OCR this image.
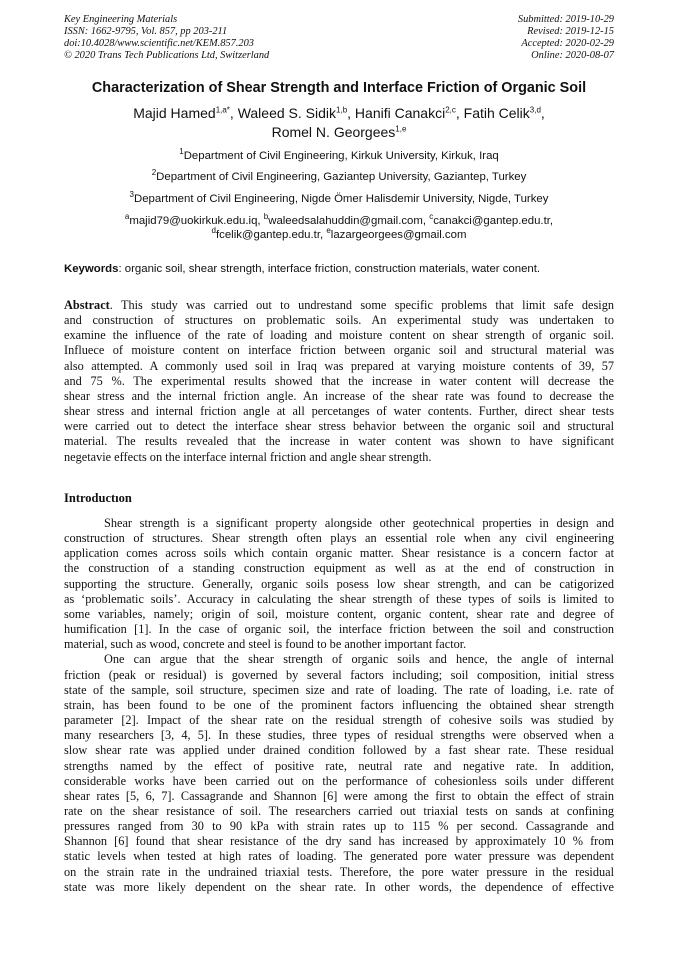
Key Engineering Materials
ISSN: 1662-9795, Vol. 857, pp 203-211
doi:10.4028/www.scientific.net/KEM.857.203
© 2020 Trans Tech Publications Ltd, Switzerland
Submitted: 2019-10-29
Revised: 2019-12-15
Accepted: 2020-02-29
Online: 2020-08-07
Characterization of Shear Strength and Interface Friction of Organic Soil
Majid Hamed$^{1,a*}$, Waleed S. Sidik$^{1,b}$, Hanifi Canakci$^{2,c}$, Fatih Celik$^{3,d}$,
Romel N. Georgees$^{1,e}$
$^1$Department of Civil Engineering, Kirkuk University, Kirkuk, Iraq
$^2$Department of Civil Engineering, Gaziantep University, Gaziantep, Turkey
$^3$Department of Civil Engineering, Nigde Ömer Halisdemir University, Nigde, Turkey
$^a$majid79@uokirkuk.edu.iq, $^b$waleedsalahuddin@gmail.com, $^c$canakci@gantep.edu.tr,
$^d$fcelik@gantep.edu.tr, $^e$lazargeorgees@gmail.com
Keywords: organic soil, shear strength, interface friction, construction materials, water conent.
Abstract. This study was carried out to undrestand some specific problems that limit safe design
and construction of structures on problematic soils. An experimental study was undertaken to
examine the influence of the rate of loading and moisture content on shear strength of organic soil.
Influece of moisture content on interface friction between organic soil and structural material was
also attempted. A commonly used soil in Iraq was prepared at varying moisture contents of 39, 57
and 75 %. The experimental results showed that the increase in water content will decrease the
shear stress and the internal friction angle. An increase of the shear rate was found to decrease the
shear stress and internal friction angle at all percetanges of water contents. Further, direct shear tests
were carried out to detect the interface shear stress behavior between the organic soil and structural
material. The results revealed that the increase in water content was shown to have significant
negetavie effects on the interface internal friction and angle shear strength.
Introductıon
Shear strength is a significant property alongside other geotechnical properties in design and
construction of structures. Shear strength often plays an essential role when any civil engineering
application comes across soils which contain organic matter. Shear resistance is a concern factor at
the construction of a standing construction equipment as well as at the end of construction in
supporting the structure. Generally, organic soils posess low shear strength, and can be catigorized
as ‘problematic soils’. Accuracy in calculating the shear strength of these types of soils is limited to
some variables, namely; origin of soil, moisture content, organic content, shear rate and degree of
humification [1]. In the case of organic soil, the interface friction between the soil and construction
material, such as wood, concrete and steel is found to be another important factor.
One can argue that the shear strength of organic soils and hence, the angle of internal
friction (peak or residual) is governed by several factors including; soil composition, initial stress
state of the sample, soil structure, specimen size and rate of loading. The rate of loading, i.e. rate of
strain, has been found to be one of the prominent factors influencing the obtained shear strength
parameter [2]. Impact of the shear rate on the residual strength of cohesive soils was studied by
many researchers [3, 4, 5]. In these studies, three types of residual strengths were observed when a
slow shear rate was applied under drained condition followed by a fast shear rate. These residual
strengths named by the effect of positive rate, neutral rate and negative rate. In addition,
considerable works have been carried out on the performance of cohesionless soils under different
shear rates [5, 6, 7]. Cassagrande and Shannon [6] were among the first to obtain the effect of strain
rate on the shear resistance of soil. The researchers carried out triaxial tests on sands at confining
pressures ranged from 30 to 90 kPa with strain rates up to 115 % per second. Cassagrande and
Shannon [6] found that shear resistance of the dry sand has increased by approximately 10 % from
static levels when tested at high rates of loading. The generated pore water pressure was dependent
on the strain rate in the undrained triaxial tests. Therefore, the pore water pressure in the residual
state was more likely dependent on the shear rate. In other words, the dependence of effective
